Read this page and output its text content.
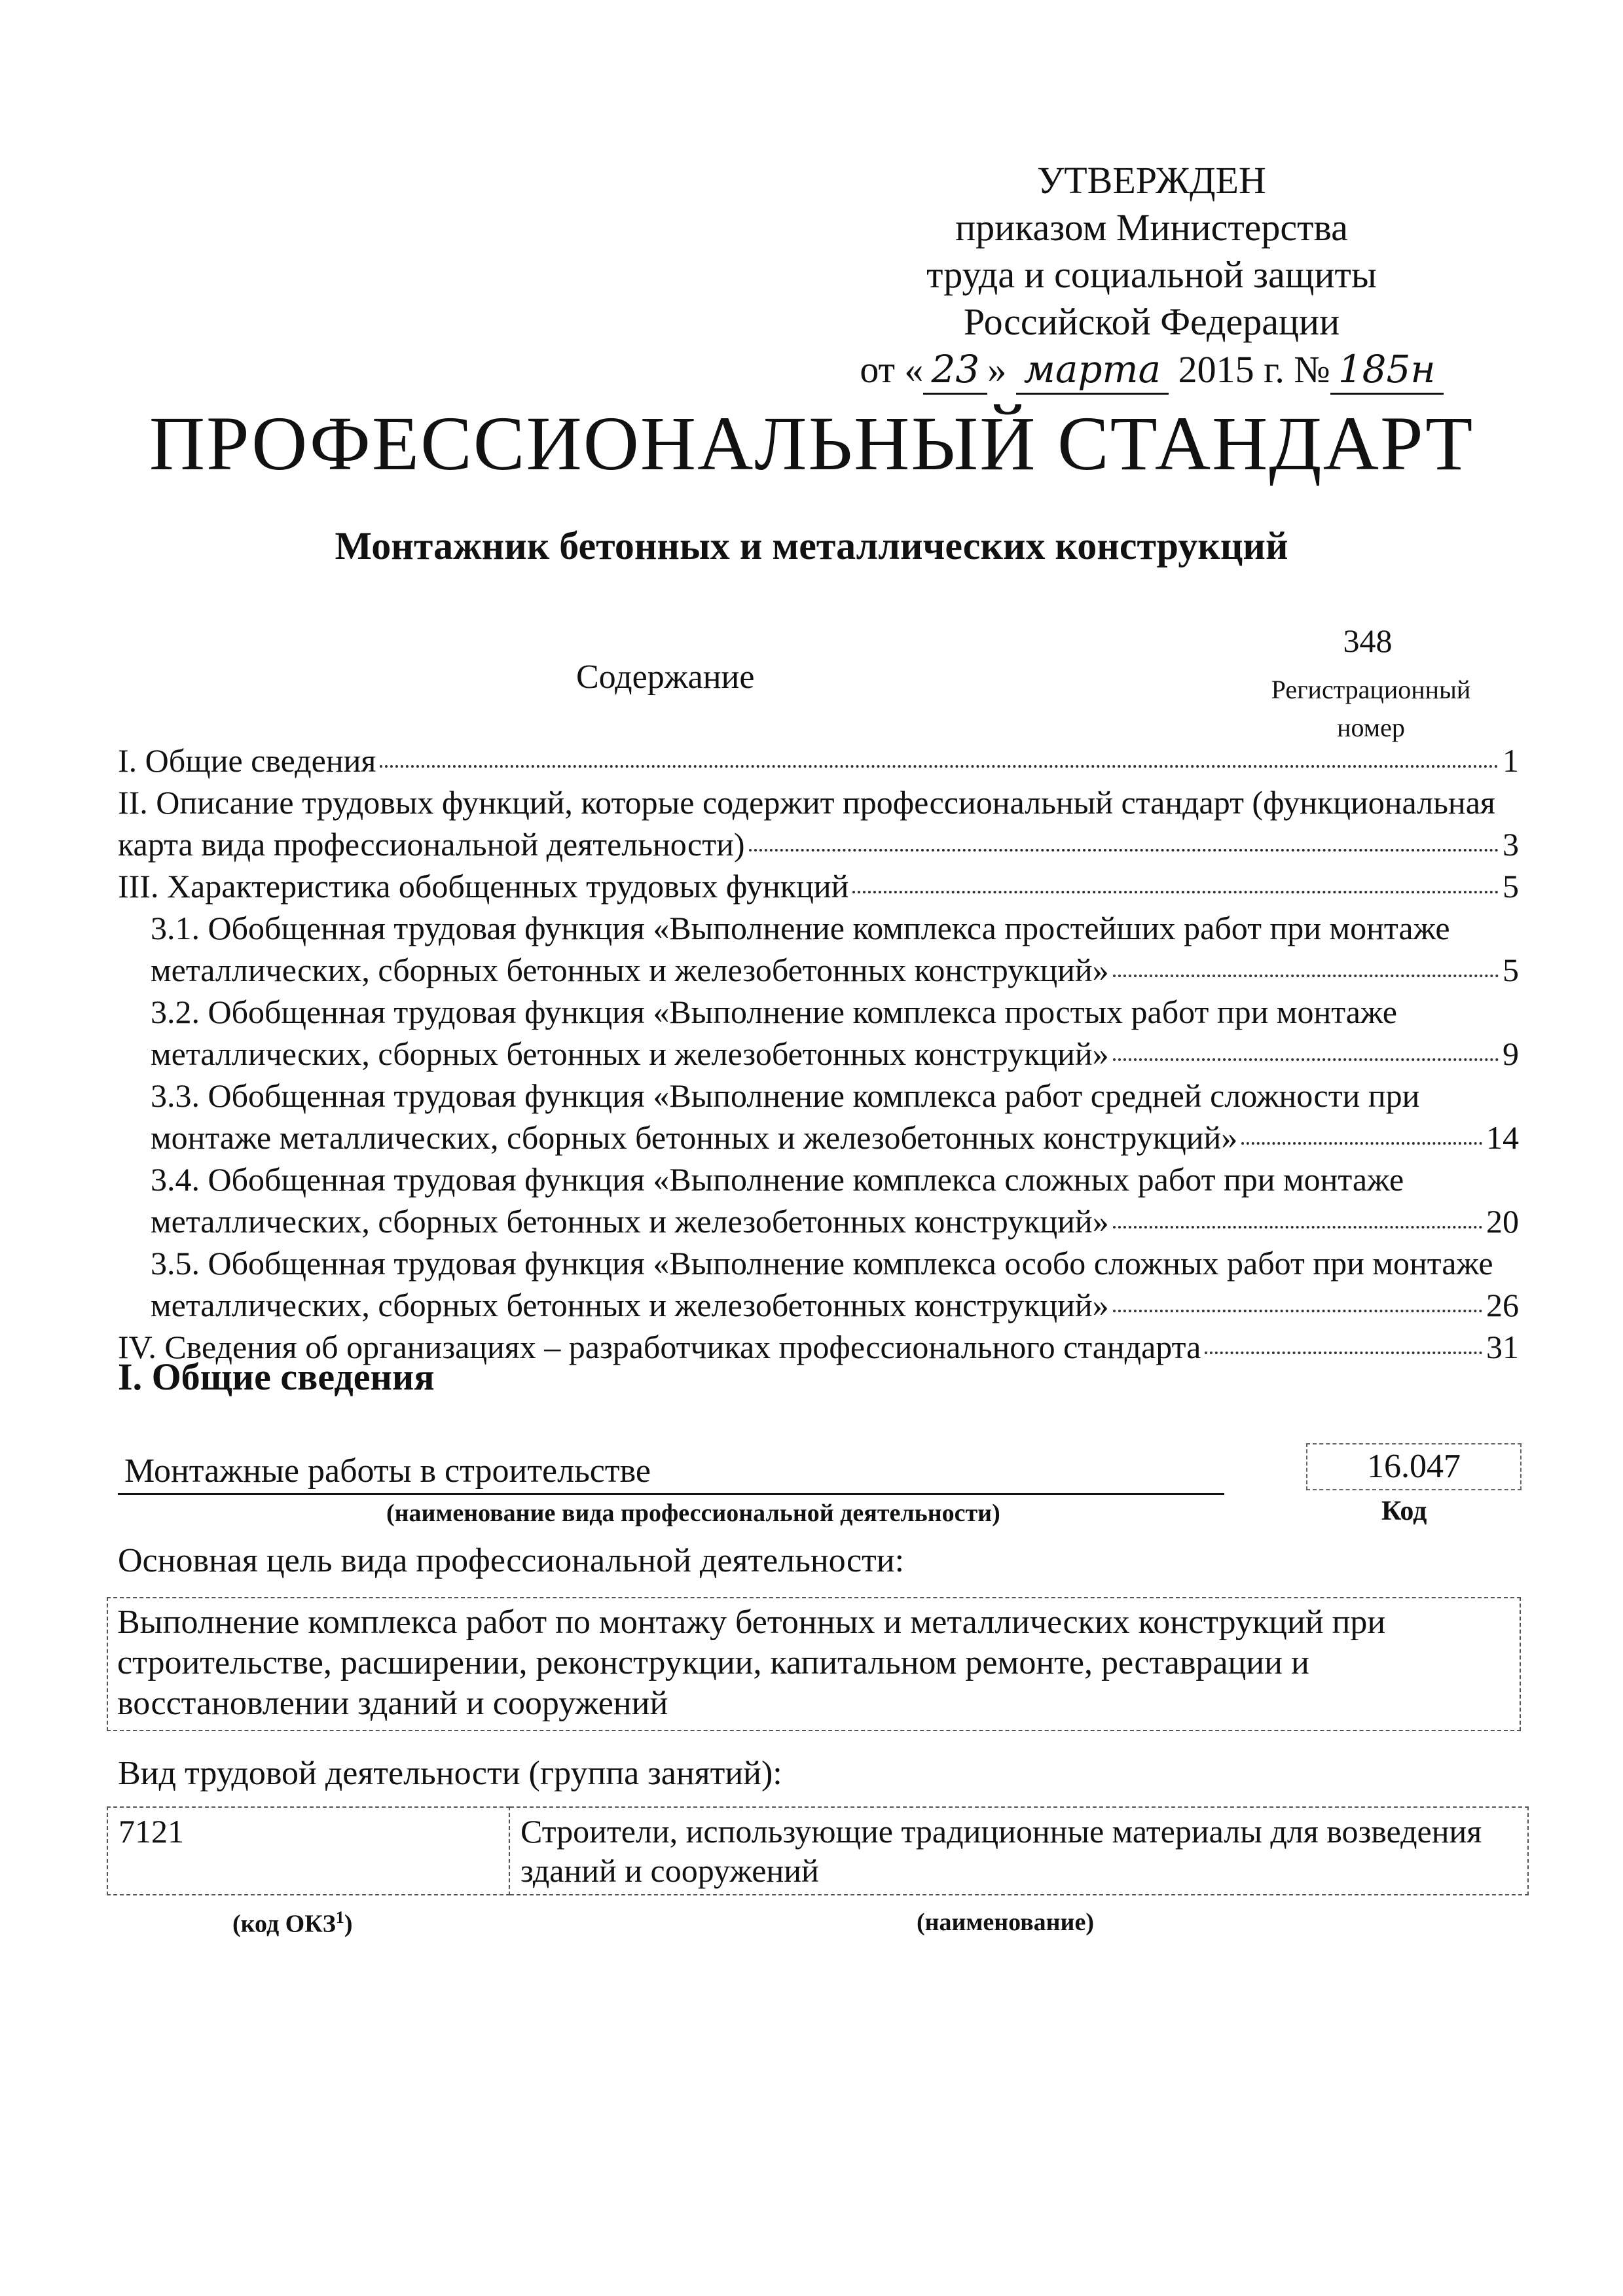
УТВЕРЖДЕН
приказом Министерства
труда и социальной защиты
Российской Федерации
от « 23 » марта 2015 г. № 185н
ПРОФЕССИОНАЛЬНЫЙ СТАНДАРТ
Монтажник бетонных и металлических конструкций
348
Содержание	Регистрационный
номер
I. Общие сведения	1
II. Описание трудовых функций, которые содержит профессиональный стандарт (функциональная
карта вида профессиональной деятельности)	3
III. Характеристика обобщенных трудовых функций	5
3.1. Обобщенная трудовая функция «Выполнение комплекса простейших работ при монтаже
металлических, сборных бетонных и железобетонных конструкций»	5
3.2. Обобщенная трудовая функция «Выполнение комплекса простых работ при монтаже
металлических, сборных бетонных и железобетонных конструкций»	9
3.3. Обобщенная трудовая функция «Выполнение комплекса работ средней сложности при
монтаже металлических, сборных бетонных и железобетонных конструкций»	14
3.4. Обобщенная трудовая функция «Выполнение комплекса сложных работ при монтаже
металлических, сборных бетонных и железобетонных конструкций»	20
3.5. Обобщенная трудовая функция «Выполнение комплекса особо сложных работ при монтаже
металлических, сборных бетонных и железобетонных конструкций»	26
IV. Сведения об организациях – разработчиках профессионального стандарта	31
I. Общие сведения
Монтажные работы в строительстве	16.047
(наименование вида профессиональной деятельности)	Код
Основная цель вида профессиональной деятельности:
Выполнение комплекса работ по монтажу бетонных и металлических конструкций при строительстве, расширении, реконструкции, капитальном ремонте, реставрации и восстановлении зданий и сооружений
Вид трудовой деятельности (группа занятий):
7121	Строители, использующие традиционные материалы для возведения зданий и сооружений
(код ОКЗ$^1$)	(наименование)
